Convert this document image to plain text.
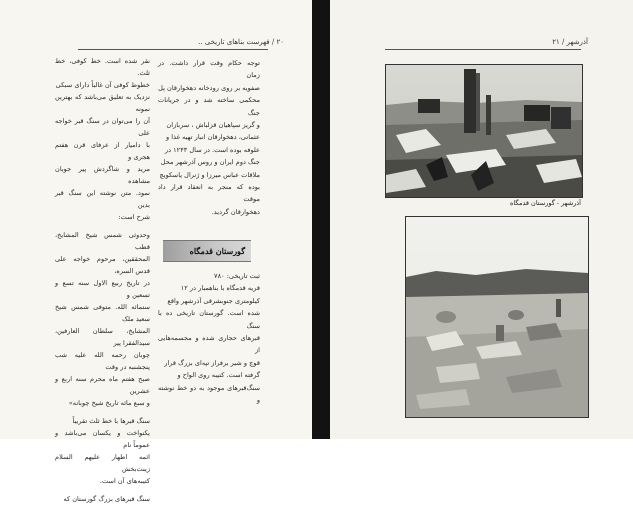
۲۰ / فهرست بناهای تاریخی ..

توجه حکام وقت قرار داشت. در زمان

صفویه بر روی رودخانه دهخوارقان پل

محکمی ساخته شد و در جریانات جنگ

و گریز سپاهیان قزلباش ، سربازان

عثمانی، دهخوارقان انبار تهیه غذا و

علوفه بوده است. در سال ۱۲۴۳ در

جنگ دوم ایران و روس آذرشهر محل

ملاقات عباس میرزا و ژنرال پاسکویچ

بوده که منجر به انعقاد قرار داد موقت

دهخوارقان گردید.

گورستان قدمگاه

ثبت تاریخی: ۷۸۰

قریه قدمگاه با بناهمبار در ۱۲

کیلومتری جنوبشرقی آذرشهر واقع

شده است. گورستان تاریخی ده با سنگ

قبرهای حجاری شده و مجسمه‌هایی از

قوچ و شیر برفراز تپه‌ای بزرگ قرار

گرفته است. کتیبه روی الواح و

سنگ‌قبرهای موجود به دو خط نوشته و

نقر شده است. خط کوفی، خط ثلث.

خطوط کوفی آن غالباً دارای سبکی

نزدیک به تعلیق می‌باشد که بهترین نمونه

آن را می‌توان در سنگ قبر خواجه علی

با دامیار از عرفای قرن هفتم هجری و

مرید و شاگردش پیر جوبان مشاهده

نمود. متن نوشته این سنگ قبر بدین

شرح است:

وحدوثی شمس شیخ المشایخ، قطب

المحققین، مرحوم خواجه علی قدس السره،

در تاریخ ربیع الاول سنه تسع و تسعین و

ستمائه الله. متوفی شمس شیخ سعید ملک

المشایخ، سلطان العارفین، سیدالفقرا پیر

چوبان رحمه الله علیه شب پنجشنبه در وقت

صبح هفتم ماه محرم سنه اربع و عشرین

و سبع مائه تاریخ شیخ چوبانه»

سنگ قبرها با خط ثلث تقریباً

یکنواخت و یکسان می‌باشد و عموماً نام

ائمه اطهار علیهم السلام زینت‌بخش

کتیبه‌های آن است.

سنگ قبرهای بزرگ گورستان که

آذرشهر / ۲۱
آذرشهر - گورستان قدمگاه
